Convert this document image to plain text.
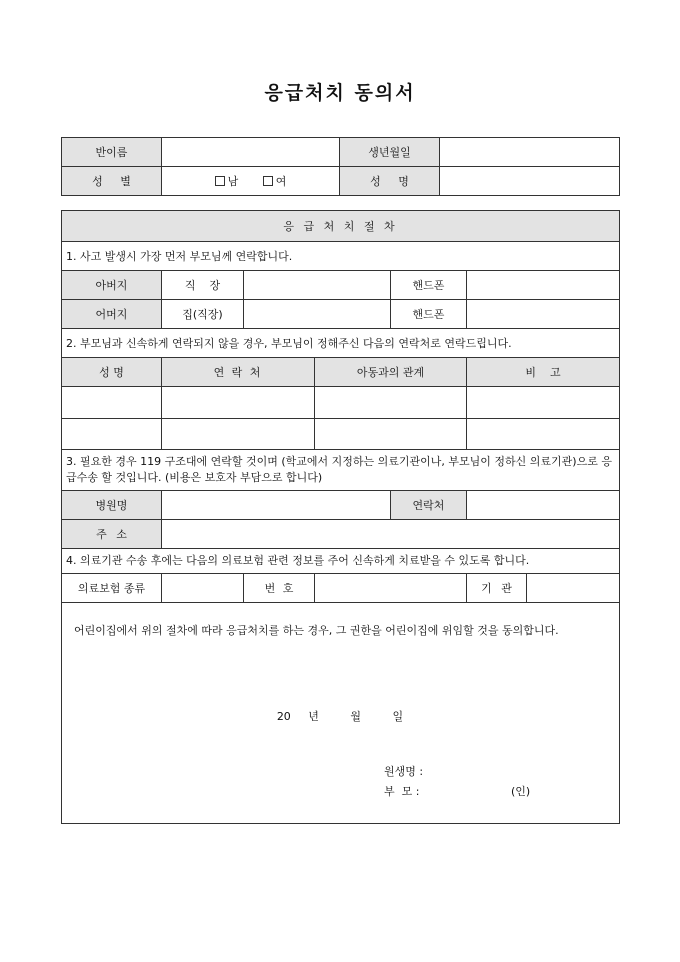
응급처치 동의서
반이름		생년월일	
성 별	남 여	성 명	
응 급 처 치 절 차						
1. 사고 발생시 가장 먼저 부모님께 연락합니다.						
아버지	직    장			핸드폰		
어머지	집(직장)			핸드폰		
2. 부모님과 신속하게 연락되지 않을 경우, 부모님이 정해주신 다음의 연락처로 연락드립니다.						
성 명	연 락 처		아동과의 관계		비    고	

3. 필요한 경우 119 구조대에 연락할 것이며 (학교에서 지정하는 의료기관이나, 부모님이 정하신 의료기관)으로 응급수송 할 것입니다. (비용은 보호자 부담으로 합니다)						
병원명				연락처		
주 소						
4. 의료기관 수송 후에는 다음의 의료보험 관련 정보를 주어 신속하게 치료받을 수 있도록 합니다.						
의료보험 종류		번 호			기 관	

어린이집에서 위의 절차에 따라 응급처치를 하는 경우, 그 권한을 어린이집에 위임할 것을 동의합니다.
20 년 월 일
원생명 :
부  모 : (인)						
